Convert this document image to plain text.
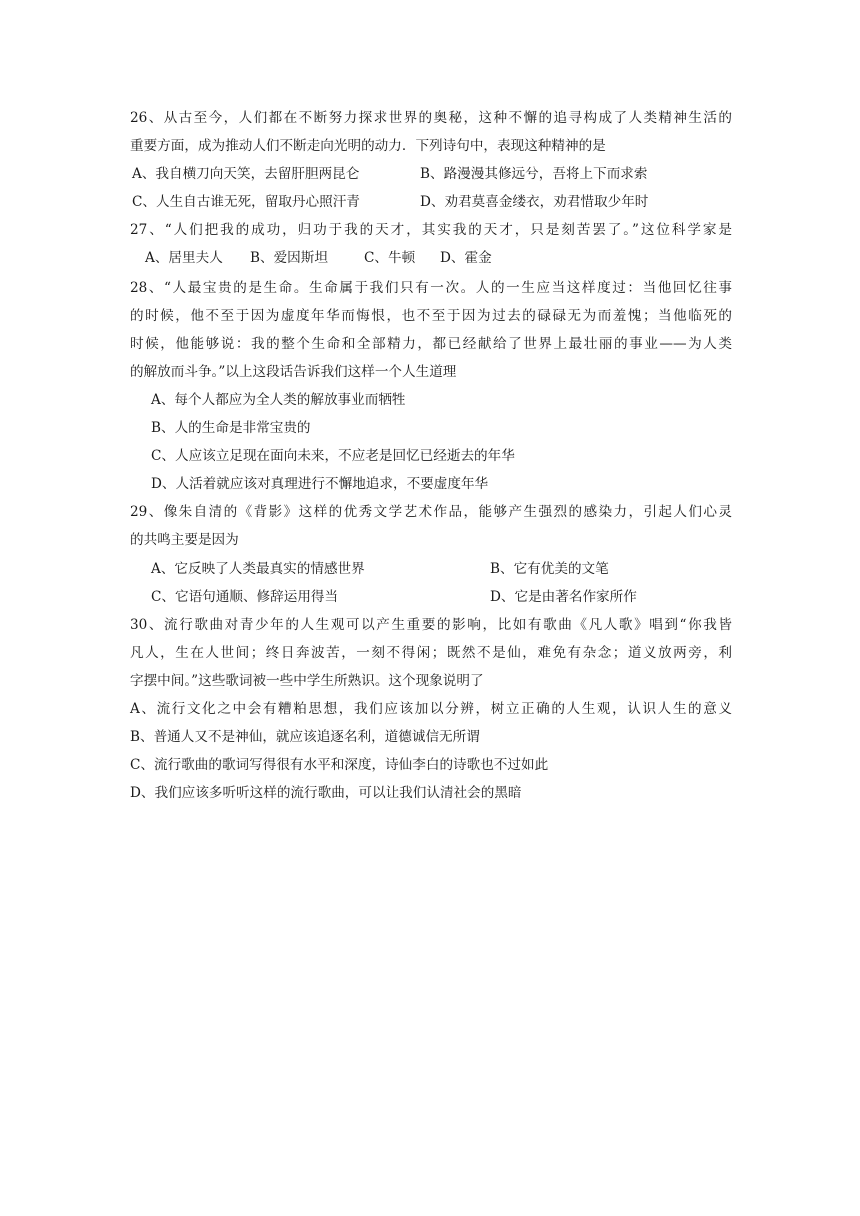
26、从古至今，人们都在不断努力探求世界的奥秘，这种不懈的追寻构成了人类精神生活的
重要方面，成为推动人们不断走向光明的动力．下列诗句中，表现这种精神的是
A、我自横刀向天笑，去留肝胆两昆仑	B、路漫漫其修远兮，吾将上下而求索
C、人生自古谁无死，留取丹心照汗青	D、劝君莫喜金缕衣，劝君惜取少年时
27、“人们把我的成功，归功于我的天才，其实我的天才，只是刻苦罢了。”这位科学家是
A、居里夫人 B、爱因斯坦	C、牛顿 D、霍金
28、“人最宝贵的是生命。生命属于我们只有一次。人的一生应当这样度过：当他回忆往事
的时候，他不至于因为虚度年华而悔恨，也不至于因为过去的碌碌无为而羞愧；当他临死的
时候，他能够说：我的整个生命和全部精力，都已经献给了世界上最壮丽的事业——为人类
的解放而斗争。”以上这段话告诉我们这样一个人生道理
A、每个人都应为全人类的解放事业而牺牲
B、人的生命是非常宝贵的
C、人应该立足现在面向未来，不应老是回忆已经逝去的年华
D、人活着就应该对真理进行不懈地追求，不要虚度年华
29、像朱自清的《背影》这样的优秀文学艺术作品，能够产生强烈的感染力，引起人们心灵
的共鸣主要是因为
A、它反映了人类最真实的情感世界	B、它有优美的文笔
C、它语句通顺、修辞运用得当	D、它是由著名作家所作
30、流行歌曲对青少年的人生观可以产生重要的影响，比如有歌曲《凡人歌》唱到“你我皆
凡人，生在人世间；终日奔波苦，一刻不得闲；既然不是仙，难免有杂念；道义放两旁，利
字摆中间。”这些歌词被一些中学生所熟识。这个现象说明了
A、流行文化之中会有糟粕思想，我们应该加以分辨，树立正确的人生观，认识人生的意义
B、普通人又不是神仙，就应该追逐名利，道德诚信无所谓
C、流行歌曲的歌词写得很有水平和深度，诗仙李白的诗歌也不过如此
D、我们应该多听听这样的流行歌曲，可以让我们认清社会的黑暗
